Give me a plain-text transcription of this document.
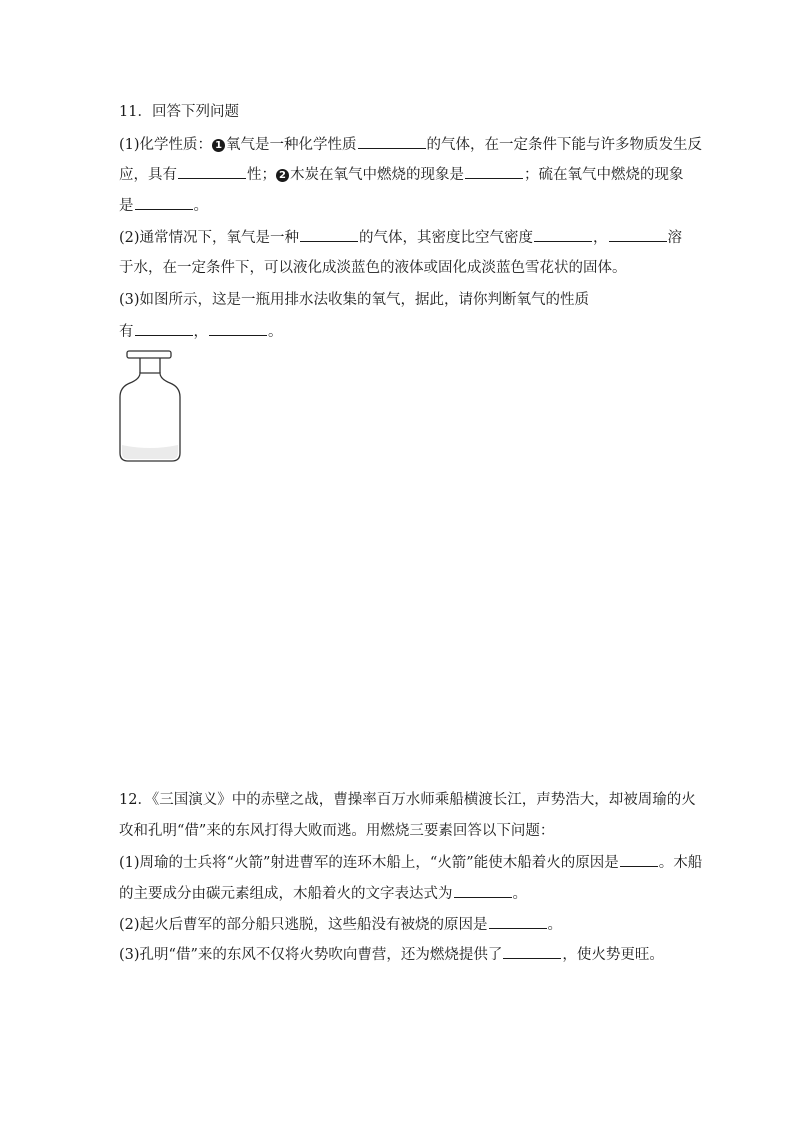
11．回答下列问题
(1)化学性质： 1 氧气是一种化学性质	的气体，在一定条件下能与许多物质发生反
应，具有	性； 2 木炭在氧气中燃烧的现象是	；硫在氧气中燃烧的现象
是	。
(2)通常情况下，氧气是一种	的气体，其密度比空气密度	，	溶
于水，在一定条件下，可以液化成淡蓝色的液体或固化成淡蓝色雪花状的固体。
(3)如图所示，这是一瓶用排水法收集的氧气，据此，请你判断氧气的性质
有	，	。
12．《三国演义》中的赤壁之战，曹操率百万水师乘船横渡长江，声势浩大，却被周瑜的火
攻和孔明“借”来的东风打得大败而逃。用燃烧三要素回答以下问题：
(1)周瑜的士兵将“火箭”射进曹军的连环木船上，“火箭”能使木船着火的原因是	。木船
的主要成分由碳元素组成，木船着火的文字表达式为	。
(2)起火后曹军的部分船只逃脱，这些船没有被烧的原因是	。
(3)孔明“借”来的东风不仅将火势吹向曹营，还为燃烧提供了	，使火势更旺。
